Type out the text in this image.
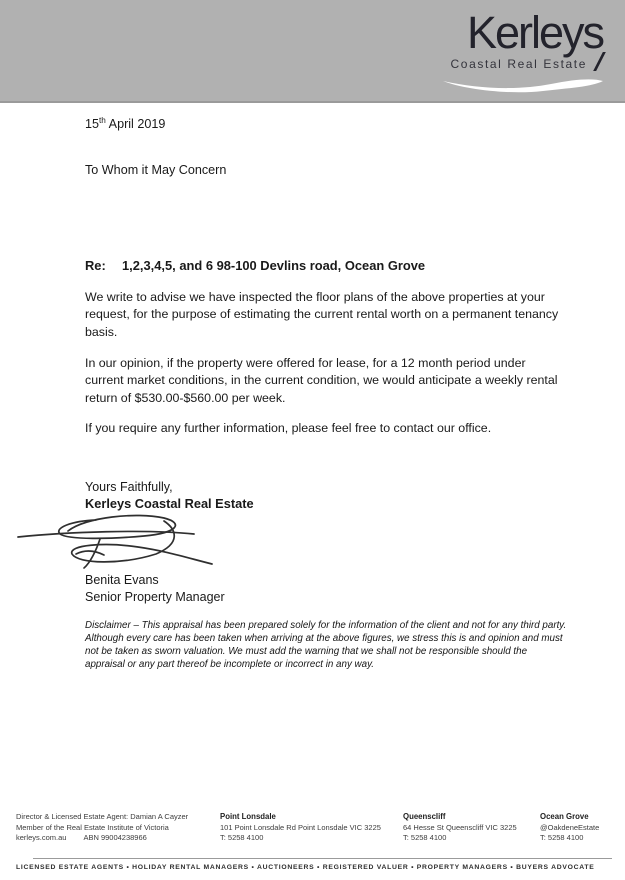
Kerleys
Coastal Real Estate
15th April 2019
To Whom it May Concern
Re:	1,2,3,4,5, and 6 98-100 Devlins road, Ocean Grove

We write to advise we have inspected the floor plans of the above properties at your request, for the purpose of estimating the current rental worth on a permanent tenancy basis.

In our opinion, if the property were offered for lease, for a 12 month period under current market conditions, in the current condition, we would anticipate a weekly rental return of $530.00-$560.00 per week.

If you require any further information, please feel free to contact our office.

Yours Faithfully,
Kerleys Coastal Real Estate
Benita Evans
Senior Property Manager

Disclaimer – This appraisal has been prepared solely for the information of the client and not for any third party. Although every care has been taken when arriving at the above figures, we stress this is and opinion and must not be taken as sworn valuation. We must add the warning that we shall not be responsible should the appraisal or any part thereof be incomplete or incorrect in any way.

Director & Licensed Estate Agent: Damian A Cayzer
Member of the Real Estate Institute of Victoria
kerleys.com.au ABN 99004238966
Point Lonsdale
101 Point Lonsdale Rd Point Lonsdale VIC 3225
T: 5258 4100
Queenscliff
64 Hesse St Queenscliff VIC 3225
T: 5258 4100
Ocean Grove
@OakdeneEstate
T: 5258 4100
LICENSED ESTATE AGENTS • HOLIDAY RENTAL MANAGERS • AUCTIONEERS • REGISTERED VALUER • PROPERTY MANAGERS • BUYERS ADVOCATE
